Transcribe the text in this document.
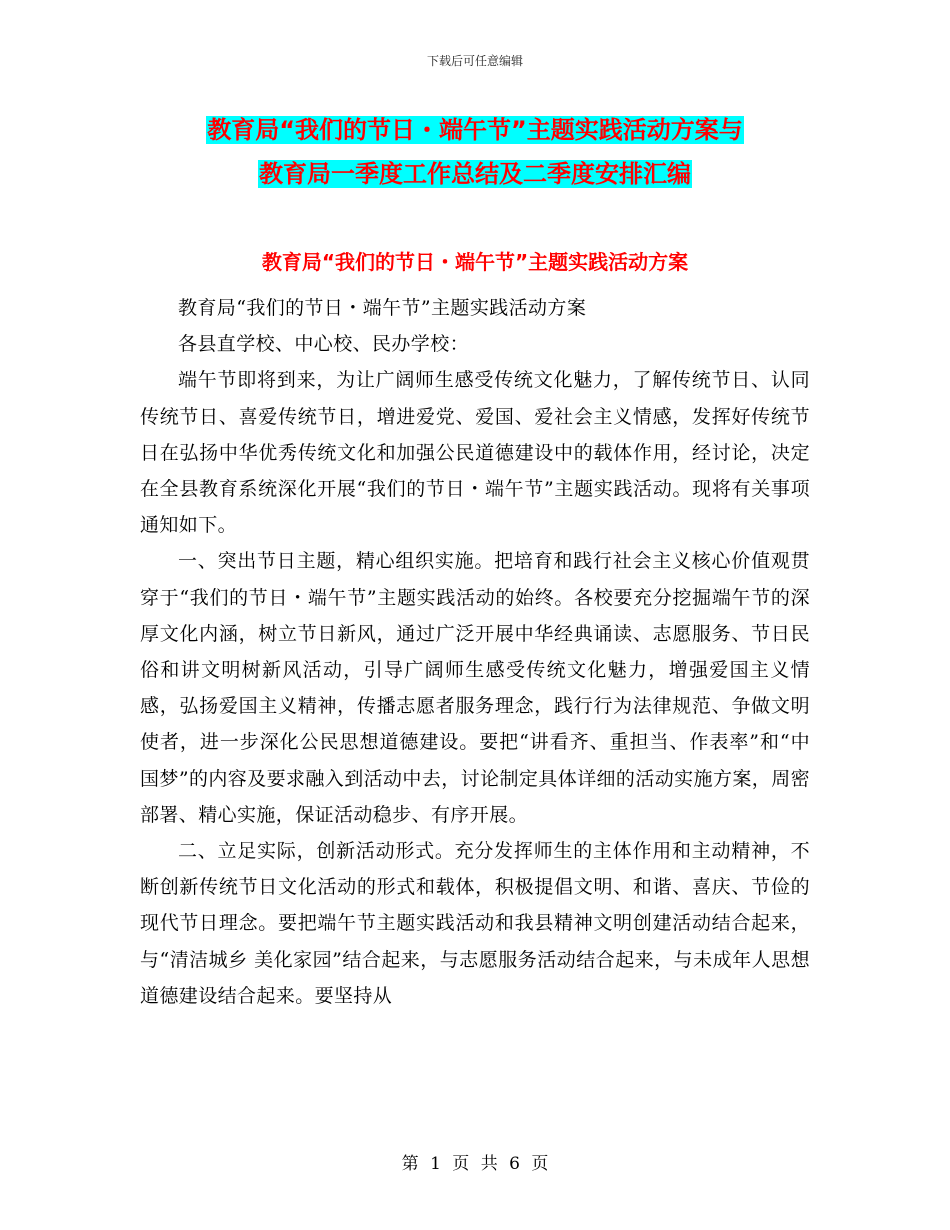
下载后可任意编辑
教育局“我们的节日・端午节”主题实践活动方案与
教育局一季度工作总结及二季度安排汇编
教育局“我们的节日・端午节”主题实践活动方案

教育局“我们的节日・端午节”主题实践活动方案

各县直学校、中心校、民办学校：

端午节即将到来，为让广阔师生感受传统文化魅力，了解传统节日、认同传统节日、喜爱传统节日，增进爱党、爱国、爱社会主义情感，发挥好传统节日在弘扬中华优秀传统文化和加强公民道德建设中的载体作用，经讨论，决定在全县教育系统深化开展“我们的节日・端午节”主题实践活动。现将有关事项通知如下。

一、突出节日主题，精心组织实施。把培育和践行社会主义核心价值观贯穿于“我们的节日・端午节”主题实践活动的始终。各校要充分挖掘端午节的深厚文化内涵，树立节日新风，通过广泛开展中华经典诵读、志愿服务、节日民俗和讲文明树新风活动，引导广阔师生感受传统文化魅力，增强爱国主义情感，弘扬爱国主义精神，传播志愿者服务理念，践行行为法律规范、争做文明使者，进一步深化公民思想道德建设。要把“讲看齐、重担当、作表率”和“中国梦”的内容及要求融入到活动中去，讨论制定具体详细的活动实施方案，周密部署、精心实施，保证活动稳步、有序开展。

二、立足实际，创新活动形式。充分发挥师生的主体作用和主动精神，不断创新传统节日文化活动的形式和载体，积极提倡文明、和谐、喜庆、节俭的现代节日理念。要把端午节主题实践活动和我县精神文明创建活动结合起来，与“清洁城乡 美化家园”结合起来，与志愿服务活动结合起来，与未成年人思想道德建设结合起来。要坚持从

第 1 页 共 6 页
